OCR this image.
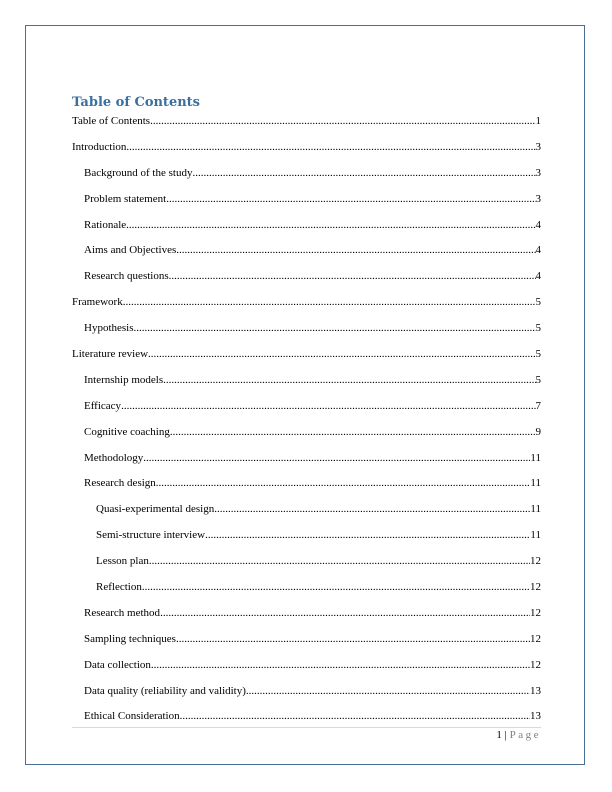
Table of Contents
Table of Contents .....	1
Introduction .....	3
Background of the study .....	3
Problem statement .....	3
Rationale .....	4
Aims and Objectives .....	4
Research questions .....	4
Framework .....	5
Hypothesis .....	5
Literature review .....	5
Internship models .....	5
Efficacy .....	7
Cognitive coaching .....	9
Methodology .....	11
Research design .....	11
Quasi-experimental design .....	11
Semi-structure interview .....	11
Lesson plan .....	12
Reflection .....	12
Research method .....	12
Sampling techniques .....	12
Data collection .....	12
Data quality (reliability and validity) .....	13
Ethical Consideration .....	13
1 | Page
